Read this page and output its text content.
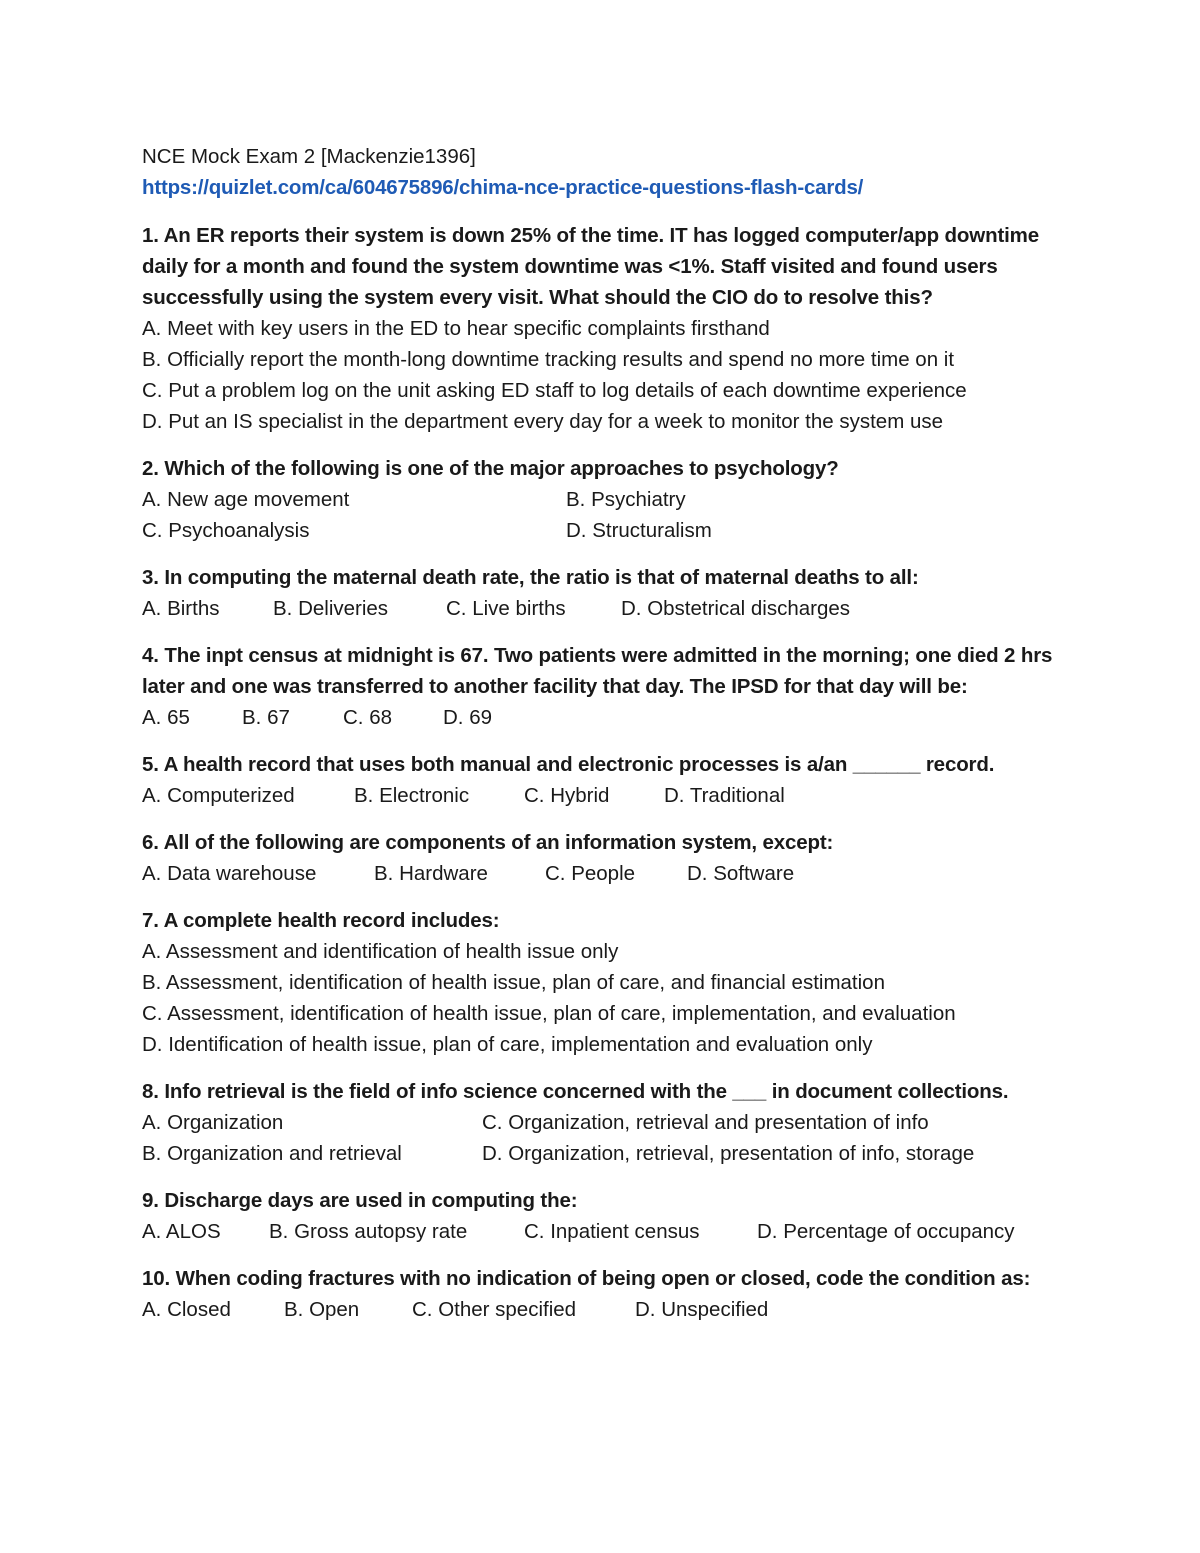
NCE Mock Exam 2 [Mackenzie1396]
https://quizlet.com/ca/604675896/chima-nce-practice-questions-flash-cards/
1. An ER reports their system is down 25% of the time. IT has logged computer/app downtime daily for a month and found the system downtime was <1%. Staff visited and found users successfully using the system every visit. What should the CIO do to resolve this?
A. Meet with key users in the ED to hear specific complaints firsthand
B. Officially report the month-long downtime tracking results and spend no more time on it
C. Put a problem log on the unit asking ED staff to log details of each downtime experience
D. Put an IS specialist in the department every day for a week to monitor the system use
2. Which of the following is one of the major approaches to psychology?
A. New age movement	B. Psychiatry
C. Psychoanalysis	D. Structuralism
3. In computing the maternal death rate, the ratio is that of maternal deaths to all:
A. Births	B. Deliveries	C. Live births	D. Obstetrical discharges
4. The inpt census at midnight is 67. Two patients were admitted in the morning; one died 2 hrs later and one was transferred to another facility that day. The IPSD for that day will be:
A. 65	B. 67	C. 68	D. 69
5. A health record that uses both manual and electronic processes is a/an ______ record.
A. Computerized	B. Electronic	C. Hybrid	D. Traditional
6. All of the following are components of an information system, except:
A. Data warehouse	B. Hardware	C. People	D. Software
7. A complete health record includes:
A. Assessment and identification of health issue only
B. Assessment, identification of health issue, plan of care, and financial estimation
C. Assessment, identification of health issue, plan of care, implementation, and evaluation
D. Identification of health issue, plan of care, implementation and evaluation only
8. Info retrieval is the field of info science concerned with the ___ in document collections.
A. Organization	C. Organization, retrieval and presentation of info
B. Organization and retrieval	D. Organization, retrieval, presentation of info, storage
9. Discharge days are used in computing the:
A. ALOS	B. Gross autopsy rate	C. Inpatient census	D. Percentage of occupancy
10. When coding fractures with no indication of being open or closed, code the condition as:
A. Closed	B. Open	C. Other specified	D. Unspecified
